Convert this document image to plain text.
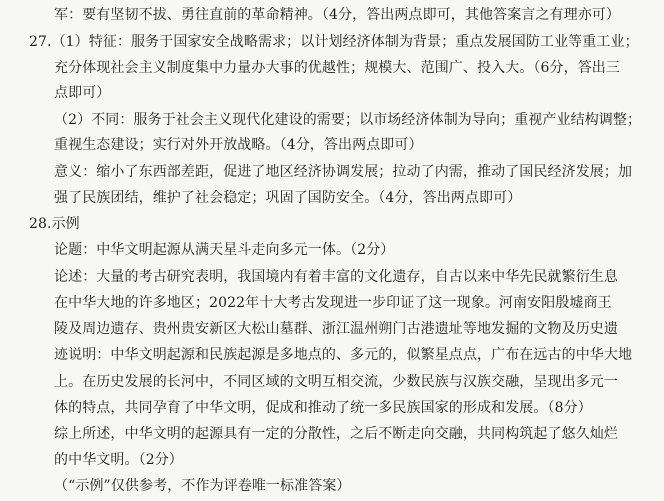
军：要有坚韧不拔、勇往直前的革命精神。（4分，答出两点即可，其他答案言之有理亦可）
27.（1）特征：服务于国家安全战略需求；以计划经济体制为背景；重点发展国防工业等重工业；
充分体现社会主义制度集中力量办大事的优越性；规模大、范围广、投入大。（6分，答出三
点即可）
（2）不同：服务于社会主义现代化建设的需要；以市场经济体制为导向；重视产业结构调整；
重视生态建设；实行对外开放战略。（4分，答出两点即可）
意义：缩小了东西部差距，促进了地区经济协调发展；拉动了内需，推动了国民经济发展；加
强了民族团结，维护了社会稳定；巩固了国防安全。（4分，答出两点即可）
28.示例
论题：中华文明起源从满天星斗走向多元一体。（2分）
论述：大量的考古研究表明，我国境内有着丰富的文化遗存，自古以来中华先民就繁衍生息
在中华大地的许多地区；2022年十大考古发现进一步印证了这一现象。河南安阳殷墟商王
陵及周边遗存、贵州贵安新区大松山墓群、浙江温州朔门古港遗址等地发掘的文物及历史遗
迹说明：中华文明起源和民族起源是多地点的、多元的，似繁星点点，广布在远古的中华大地
上。在历史发展的长河中，不同区域的文明互相交流，少数民族与汉族交融，呈现出多元一
体的特点，共同孕育了中华文明，促成和推动了统一多民族国家的形成和发展。（8分）
综上所述，中华文明的起源具有一定的分散性，之后不断走向交融，共同构筑起了悠久灿烂
的中华文明。（2分）
（“示例”仅供参考，不作为评卷唯一标准答案）
